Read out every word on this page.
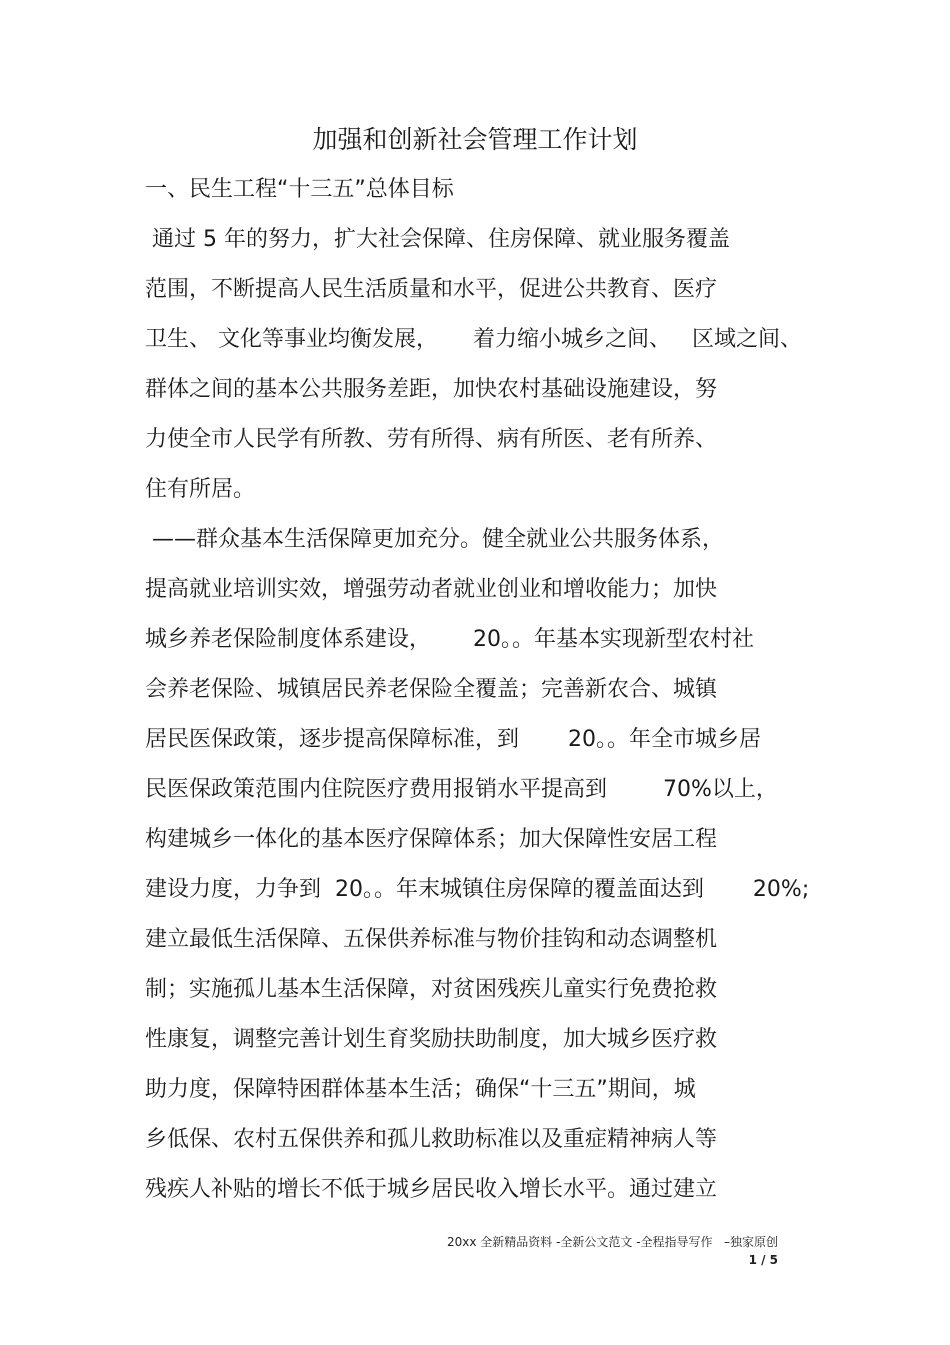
加强和创新社会管理工作计划
一、民生工程“十三五”总体目标
通过 5 年的努力，扩大社会保障、住房保障、就业服务覆盖
范围，不断提高人民生活质量和水平，促进公共教育、医疗
卫生、 文化等事业均衡发展，     着力缩小城乡之间、   区域之间、
群体之间的基本公共服务差距，加快农村基础设施建设，努
力使全市人民学有所教、劳有所得、病有所医、老有所养、
住有所居。
——群众基本生活保障更加充分。健全就业公共服务体系，
提高就业培训实效，增强劳动者就业创业和增收能力；加快
城乡养老保险制度体系建设，      20。。年基本实现新型农村社
会养老保险、城镇居民养老保险全覆盖；完善新农合、城镇
居民医保政策，逐步提高保障标准，到       20。。年全市城乡居
民医保政策范围内住院医疗费用报销水平提高到        70%以上，
构建城乡一体化的基本医疗保障体系；加大保障性安居工程
建设力度，力争到  20。。年末城镇住房保障的覆盖面达到       20%;
建立最低生活保障、五保供养标准与物价挂钩和动态调整机
制；实施孤儿基本生活保障，对贫困残疾儿童实行免费抢救
性康复，调整完善计划生育奖励扶助制度，加大城乡医疗救
助力度，保障特困群体基本生活；确保“十三五”期间，城
乡低保、农村五保供养和孤儿救助标准以及重症精神病人等
残疾人补贴的增长不低于城乡居民收入增长水平。通过建立
20xx 全新精品资料 -全新公文范文 -全程指导写作   –独家原创
1 / 5
